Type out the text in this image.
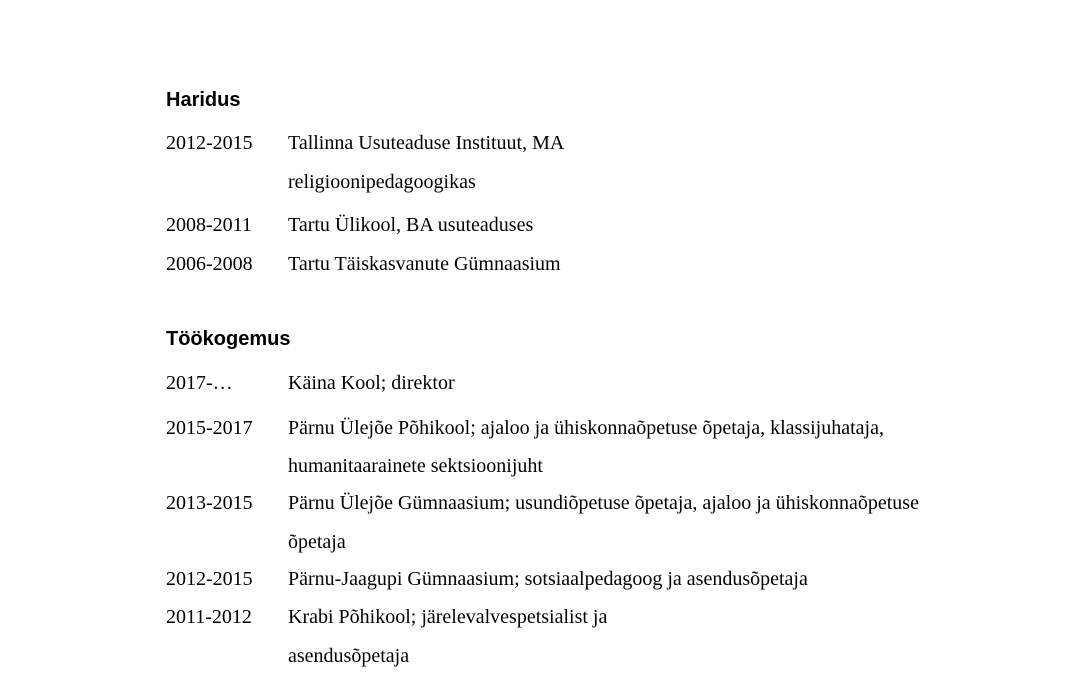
Haridus
2012-2015 Tallinna Usuteaduse Instituut, MA
religioonipedagoogikas
2008-2011 Tartu Ülikool, BA usuteaduses
2006-2008 Tartu Täiskasvanute Gümnaasium
Töökogemus
2017-…	Käina Kool; direktor
2015-2017 Pärnu Ülejõe Põhikool; ajaloo ja ühiskonnaõpetuse õpetaja, klassijuhataja,
humanitaarainete sektsioonijuht
2013-2015 Pärnu Ülejõe Gümnaasium; usundiõpetuse õpetaja, ajaloo ja ühiskonnaõpetuse
õpetaja
2012-2015 Pärnu-Jaagupi Gümnaasium; sotsiaalpedagoog ja asendusõpetaja
2011-2012 Krabi Põhikool; järelevalvespetsialist ja
asendusõpetaja
